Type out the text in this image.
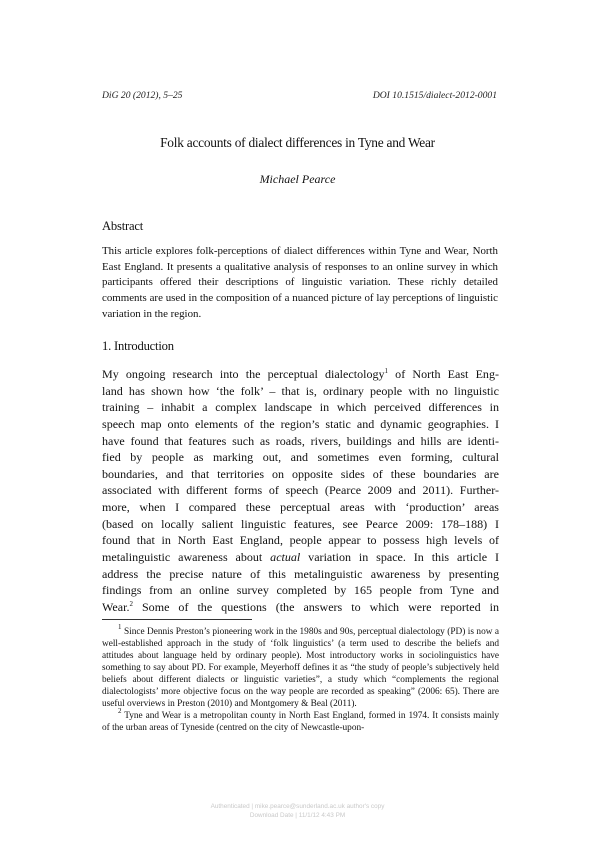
DiG 20 (2012), 5–25	DOI 10.1515/dialect-2012-0001
Folk accounts of dialect differences in Tyne and Wear
Michael Pearce
Abstract
This article explores folk-perceptions of dialect differences within Tyne and Wear, North East England. It presents a qualitative analysis of responses to an online survey in which participants offered their descriptions of linguistic variation. These richly detailed comments are used in the composition of a nuanced picture of lay perceptions of linguistic variation in the region.
1. Introduction
My ongoing research into the perceptual dialectology$^1$ of North East Eng-
land has shown how ‘the folk’ – that is, ordinary people with no linguistic
training – inhabit a complex landscape in which perceived differences in
speech map onto elements of the region’s static and dynamic geographies. I
have found that features such as roads, rivers, buildings and hills are identi-
fied by people as marking out, and sometimes even forming, cultural
boundaries, and that territories on opposite sides of these boundaries are
associated with different forms of speech (Pearce 2009 and 2011). Further-
more, when I compared these perceptual areas with ‘production’ areas
(based on locally salient linguistic features, see Pearce 2009: 178–188) I
found that in North East England, people appear to possess high levels of
metalinguistic awareness about actual variation in space. In this article I
address the precise nature of this metalinguistic awareness by presenting
findings from an online survey completed by 165 people from Tyne and
Wear.$^2$ Some of the questions (the answers to which were reported in

$^1$ Since Dennis Preston’s pioneering work in the 1980s and 90s, perceptual dialectology (PD) is now a well-established approach in the study of ‘folk linguistics’ (a term used to describe the beliefs and attitudes about language held by ordinary people). Most introductory works in sociolinguistics have something to say about PD. For example, Meyerhoff defines it as “the study of people’s subjectively held beliefs about different dialects or linguistic varieties”, a study which “complements the regional dialectologists’ more objective focus on the way people are recorded as speaking” (2006: 65). There are useful overviews in Preston (2010) and Montgomery & Beal (2011).

$^2$ Tyne and Wear is a metropolitan county in North East England, formed in 1974. It consists mainly of the urban areas of Tyneside (centred on the city of Newcastle-upon-

Authenticated | mike.pearce@sunderland.ac.uk author's copy
Download Date | 11/1/12 4:43 PM
